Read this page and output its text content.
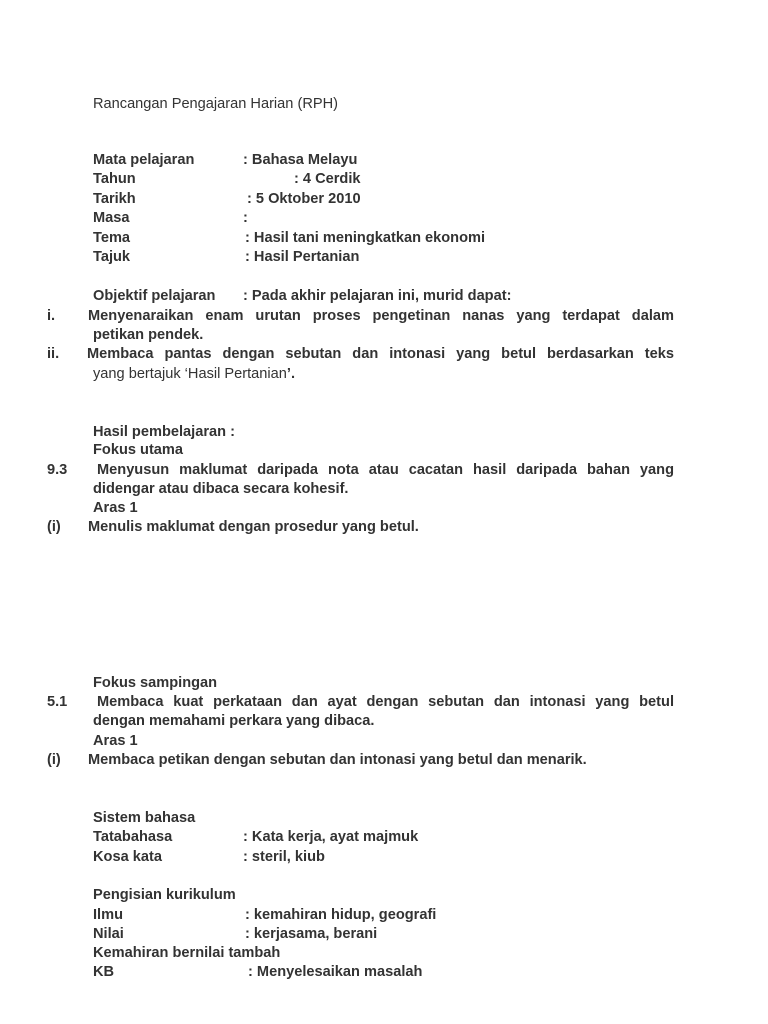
Rancangan Pengajaran Harian (RPH)
Mata pelajaran	: Bahasa Melayu
Tahun	: 4 Cerdik
Tarikh	: 5 Oktober 2010
Masa	:
Tema	: Hasil tani meningkatkan ekonomi
Tajuk	: Hasil Pertanian
Objektif pelajaran : Pada akhir pelajaran ini, murid dapat:
i. Menyenaraikan enam urutan proses pengetinan nanas yang terdapat dalam
petikan pendek.
ii. Membaca pantas dengan sebutan dan intonasi yang betul berdasarkan teks
yang bertajuk ‘Hasil Pertanian’.
Hasil pembelajaran :
Fokus utama
9.3 Menyusun maklumat daripada nota atau cacatan hasil daripada bahan yang
didengar atau dibaca secara kohesif.
Aras 1
(i) Menulis maklumat dengan prosedur yang betul.
Fokus sampingan
5.1 Membaca kuat perkataan dan ayat dengan sebutan dan intonasi yang betul
dengan memahami perkara yang dibaca.
Aras 1
(i) Membaca petikan dengan sebutan dan intonasi yang betul dan menarik.
Sistem bahasa
Tatabahasa	: Kata kerja, ayat majmuk
Kosa kata	: steril, kiub
Pengisian kurikulum
Ilmu	: kemahiran hidup, geografi
Nilai	: kerjasama, berani
Kemahiran bernilai tambah
KB	: Menyelesaikan masalah
